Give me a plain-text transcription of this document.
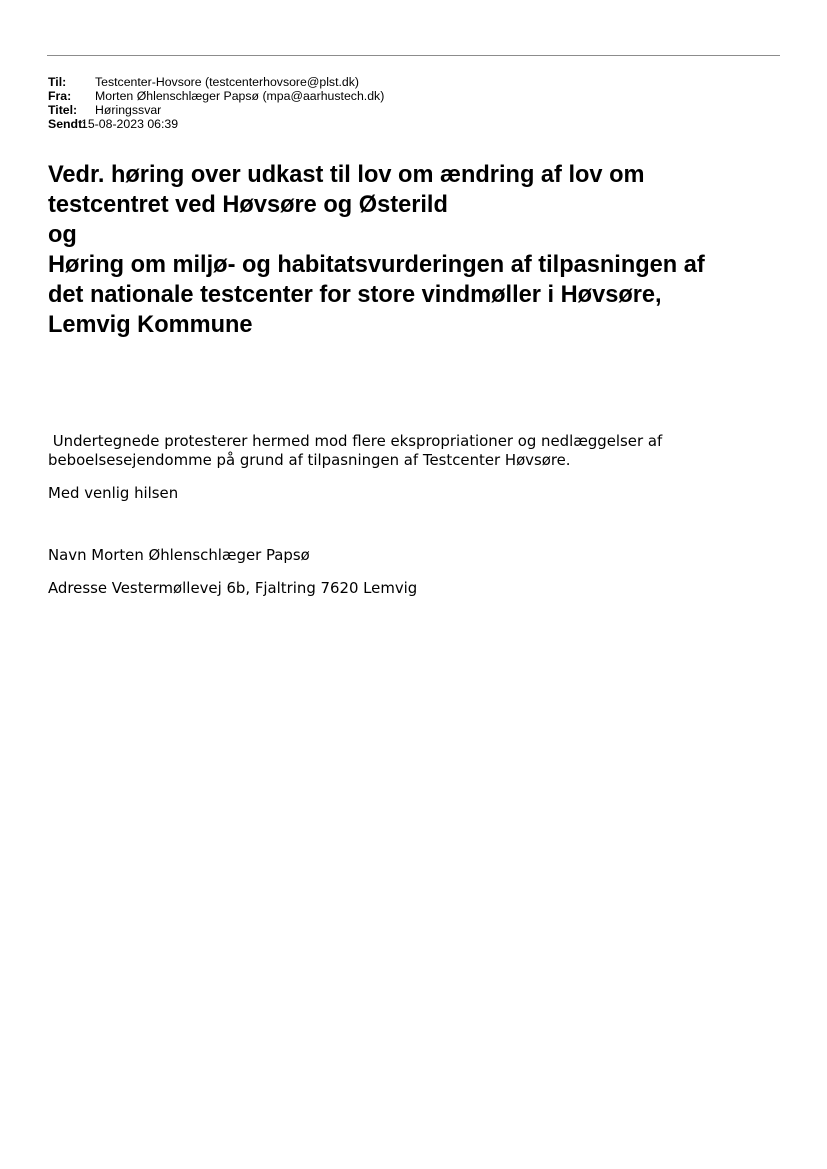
Til:	Testcenter-Hovsore (testcenterhovsore@plst.dk)
Fra:	Morten Øhlenschlæger Papsø (mpa@aarhustech.dk)
Titel:	Høringssvar
Sendt:
15-08-2023 06:39
Vedr. høring over udkast til lov om ændring af lov om
testcentret ved Høvsøre og Østerild
og
Høring om miljø- og habitatsvurderingen af tilpasningen af
det nationale testcenter for store vindmøller i Høvsøre,
Lemvig Kommune
Undertegnede protesterer hermed mod flere ekspropriationer og nedlæggelser af
beboelsesejendomme på grund af tilpasningen af Testcenter Høvsøre.
Med venlig hilsen
Navn Morten Øhlenschlæger Papsø
Adresse Vestermøllevej 6b, Fjaltring 7620 Lemvig
